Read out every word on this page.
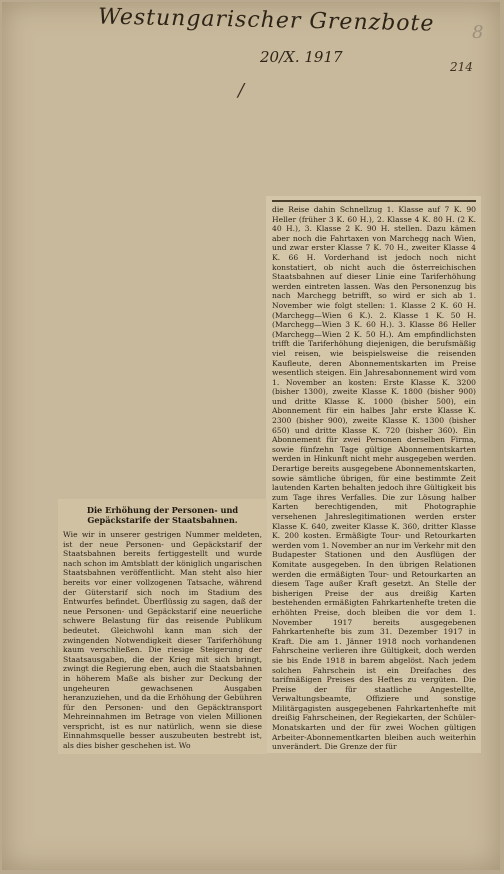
Westungarischer Grenzbote
20/X. 1917
214
8
/

die Reise dahin Schnellzug 1. Klasse auf 7 K. 90 Heller (früher 3 K. 60 H.), 2. Klasse 4 K. 80 H. (2 K. 40 H.), 3. Klasse 2 K. 90 H. stellen. Dazu kämen aber noch die Fahrtaxen von Marchegg nach Wien, und zwar erster Klasse 7 K. 70 H., zweiter Klasse 4 K. 66 H. Vorderhand ist jedoch noch nicht konstatiert, ob nicht auch die österreichischen Staatsbahnen auf dieser Linie eine Tariferhöhung werden eintreten lassen. Was den Personenzug bis nach Marchegg betrifft, so wird er sich ab 1. November wie folgt stellen: 1. Klasse 2 K. 60 H. (Marchegg—Wien 6 K.). 2. Klasse 1 K. 50 H. (Marchegg—Wien 3 K. 60 H.). 3. Klasse 86 Heller (Marchegg—Wien 2 K. 50 H.). Am empfindlichsten trifft die Tariferhöhung diejenigen, die berufsmäßig viel reisen, wie beispielsweise die reisenden Kaufleute, deren Abonnementskarten im Preise wesentlich steigen. Ein Jahresabonnement wird vom 1. November an kosten: Erste Klasse K. 3200 (bisher 1300), zweite Klasse K. 1800 (bisher 900) und dritte Klasse K. 1000 (bisher 500), ein Abonnement für ein halbes Jahr erste Klasse K. 2300 (bisher 900), zweite Klasse K. 1300 (bisher 650) und dritte Klasse K. 720 (bisher 360). Ein Abonnement für zwei Personen derselben Firma, sowie fünfzehn Tage gültige Abonnementskarten werden in Hinkunft nicht mehr ausgegeben werden. Derartige bereits ausgegebene Abonnementskarten, sowie sämtliche übrigen, für eine bestimmte Zeit lautenden Karten behalten jedoch ihre Gültigkeit bis zum Tage ihres Verfalles. Die zur Lösung halber Karten berechtigenden, mit Photographie versehenen Jahreslegitimationen werden erster Klasse K. 640, zweiter Klasse K. 360, dritter Klasse K. 200 kosten. Ermäßigte Tour- und Retourkarten werden vom 1. November an nur im Verkehr mit den Budapester Stationen und den Ausflügen der Komitate ausgegeben. In den übrigen Relationen werden die ermäßigten Tour- und Retourkarten an diesem Tage außer Kraft gesetzt. An Stelle der bisherigen Preise der aus dreißig Karten bestehenden ermäßigten Fahrkartenhefte treten die erhöhten Preise, doch bleiben die vor dem 1. November 1917 bereits ausgegebenen Fahrkartenhefte bis zum 31. Dezember 1917 in Kraft. Die am 1. Jänner 1918 noch vorhandenen Fahrscheine verlieren ihre Gültigkeit, doch werden sie bis Ende 1918 in barem abgelöst. Nach jedem solchen Fahrschein ist ein Dreifaches des tarifmäßigen Preises des Heftes zu vergüten. Die Preise der für staatliche Angestellte, Verwaltungsbeamte, Offiziere und sonstige Militärgagisten ausgegebenen Fahrkartenhefte mit dreißig Fahrscheinen, der Regiekarten, der Schüler-Monatskarten und der für zwei Wochen gültigen Arbeiter-Abonnementkarten bleiben auch weiterhin unverändert. Die Grenze der für

Die Erhöhung der Personen- und Gepäckstarife der Staatsbahnen.

Wie wir in unserer gestrigen Nummer meldeten, ist der neue Personen- und Gepäckstarif der Staatsbahnen bereits fertiggestellt und wurde nach schon im Amtsblatt der königlich ungarischen Staatsbahnen veröffentlicht. Man steht also hier bereits vor einer vollzogenen Tatsache, während der Güterstarif sich noch im Stadium des Entwurfes befindet. Überflüssig zu sagen, daß der neue Personen- und Gepäckstarif eine neuerliche schwere Belastung für das reisende Publikum bedeutet. Gleichwohl kann man sich der zwingenden Notwendigkeit dieser Tariferhöhung kaum verschließen. Die riesige Steigerung der Staatsausgaben, die der Krieg mit sich bringt, zwingt die Regierung eben, auch die Staatsbahnen in höherem Maße als bisher zur Deckung der ungeheuren gewachsenen Ausgaben heranzuziehen, und da die Erhöhung der Gebühren für den Personen- und den Gepäcktransport Mehreinnahmen im Betrage von vielen Millionen verspricht, ist es nur natürlich, wenn sie diese Einnahmsquelle besser auszubeuten bestrebt ist, als dies bisher geschehen ist. Wo
